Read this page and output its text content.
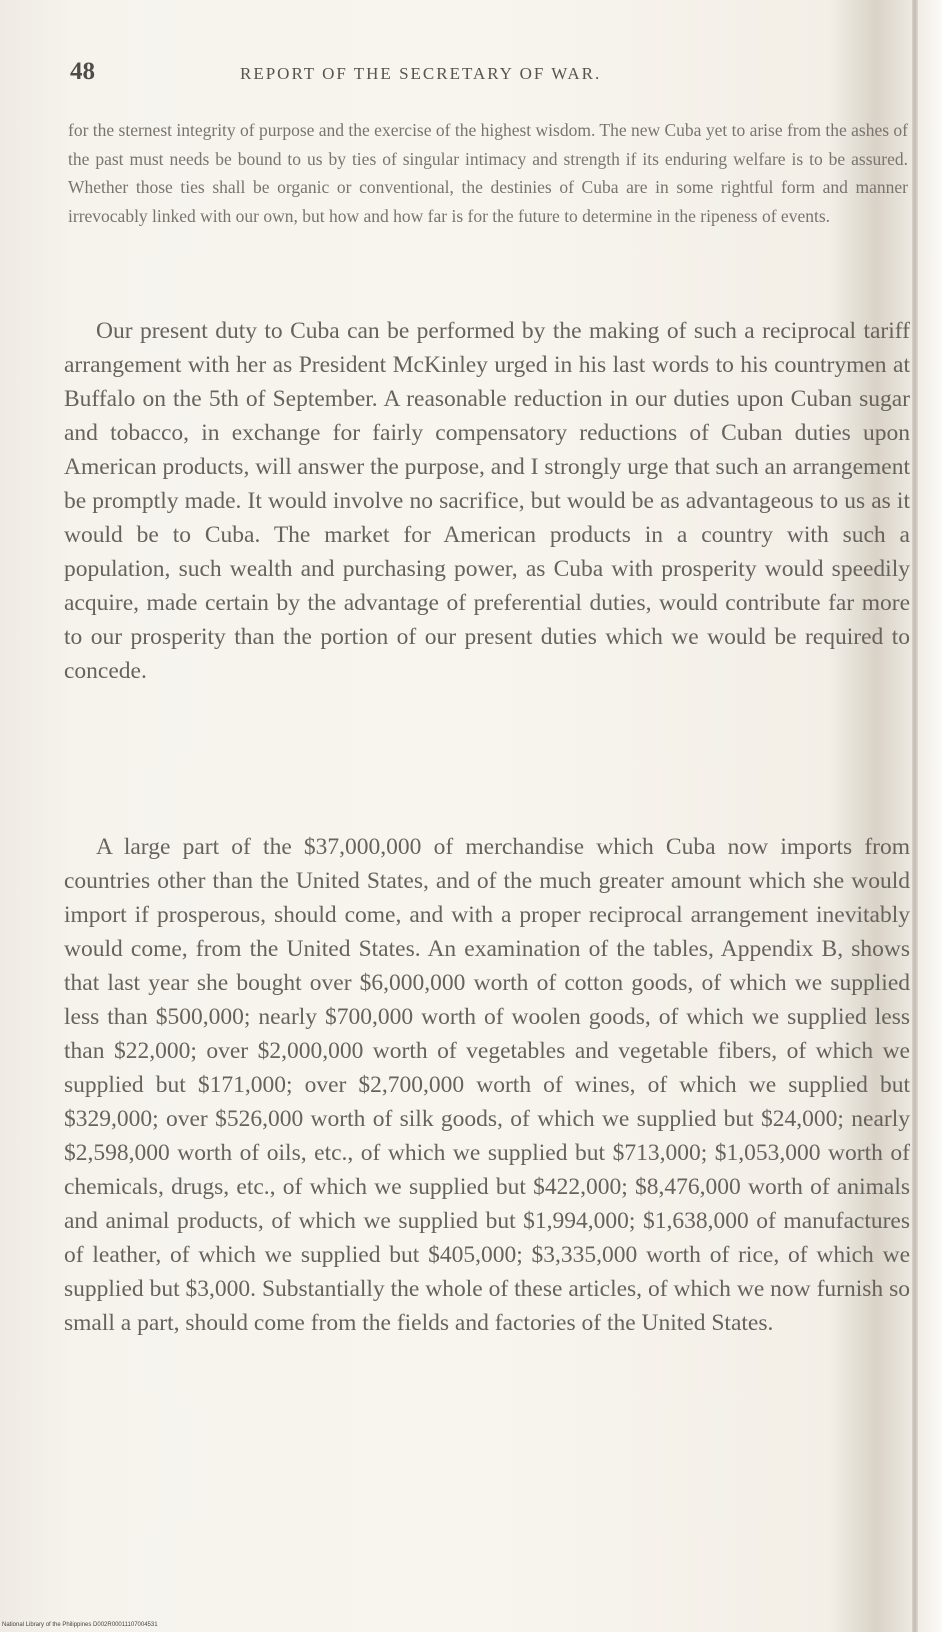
48	REPORT OF THE SECRETARY OF WAR.
for the sternest integrity of purpose and the exercise of the highest wisdom. The new Cuba yet to arise from the ashes of the past must needs be bound to us by ties of singular intimacy and strength if its enduring welfare is to be assured. Whether those ties shall be organic or conventional, the destinies of Cuba are in some rightful form and manner irrevocably linked with our own, but how and how far is for the future to determine in the ripeness of events.
Our present duty to Cuba can be performed by the making of such a reciprocal tariff arrangement with her as President McKinley urged in his last words to his countrymen at Buffalo on the 5th of September. A reasonable reduction in our duties upon Cuban sugar and tobacco, in exchange for fairly compensatory reductions of Cuban duties upon American products, will answer the purpose, and I strongly urge that such an arrangement be promptly made. It would involve no sacrifice, but would be as advantageous to us as it would be to Cuba. The market for American products in a country with such a population, such wealth and purchasing power, as Cuba with prosperity would speedily acquire, made certain by the advantage of preferential duties, would contribute far more to our prosperity than the portion of our present duties which we would be required to concede.
A large part of the $37,000,000 of merchandise which Cuba now imports from countries other than the United States, and of the much greater amount which she would import if prosperous, should come, and with a proper reciprocal arrangement inevitably would come, from the United States. An examination of the tables, Appendix B, shows that last year she bought over $6,000,000 worth of cotton goods, of which we supplied less than $500,000; nearly $700,000 worth of woolen goods, of which we supplied less than $22,000; over $2,000,000 worth of vegetables and vegetable fibers, of which we supplied but $171,000; over $2,700,000 worth of wines, of which we supplied but $329,000; over $526,000 worth of silk goods, of which we supplied but $24,000; nearly $2,598,000 worth of oils, etc., of which we supplied but $713,000; $1,053,000 worth of chemicals, drugs, etc., of which we supplied but $422,000; $8,476,000 worth of animals and animal products, of which we supplied but $1,994,000; $1,638,000 of manufactures of leather, of which we supplied but $405,000; $3,335,000 worth of rice, of which we supplied but $3,000. Substantially the whole of these articles, of which we now furnish so small a part, should come from the fields and factories of the United States.
National Library of the Philippines D002R00011107004531
